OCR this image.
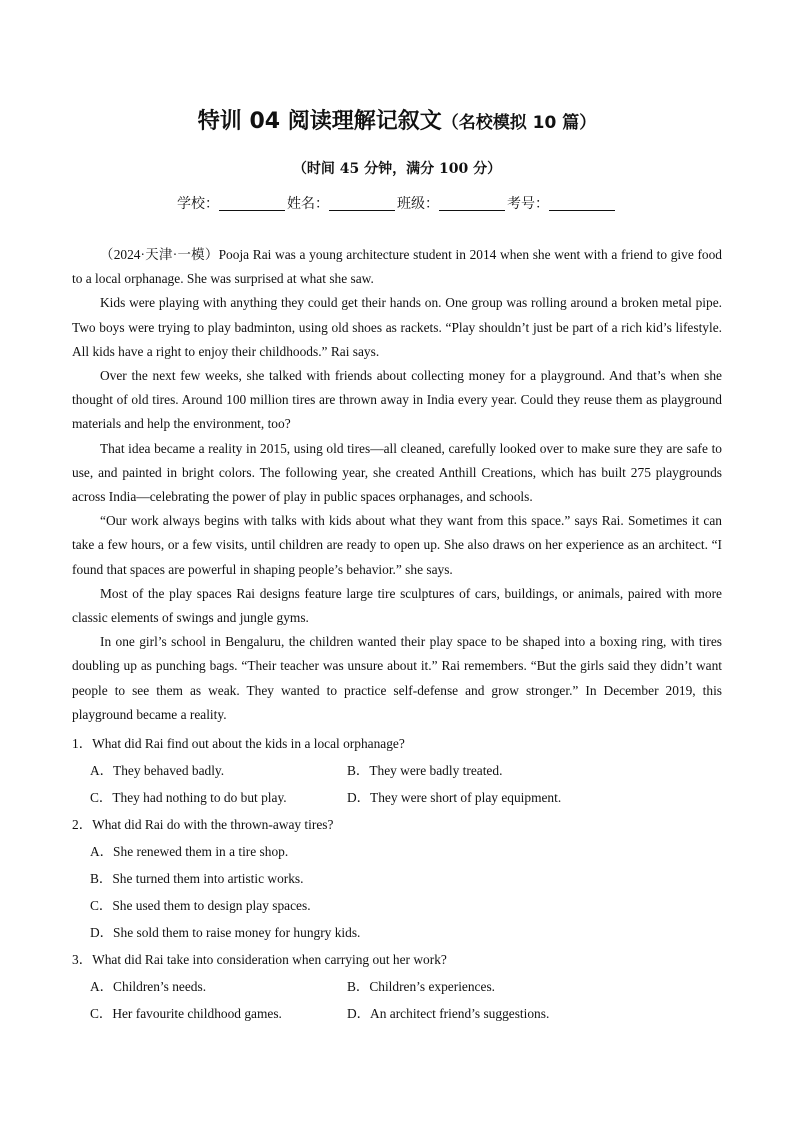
特训 04 阅读理解记叙文（名校模拟 10 篇）
（时间 45 分钟，满分 100 分）
学校：	姓名：	班级：	考号：

（2024·天津·一模）Pooja Rai was a young architecture student in 2014 when she went with a friend to give food to a local orphanage. She was surprised at what she saw.

Kids were playing with anything they could get their hands on. One group was rolling around a broken metal pipe. Two boys were trying to play badminton, using old shoes as rackets. “Play shouldn’t just be part of a rich kid’s lifestyle. All kids have a right to enjoy their childhoods.” Rai says.

Over the next few weeks, she talked with friends about collecting money for a playground. And that’s when she thought of old tires. Around 100 million tires are thrown away in India every year. Could they reuse them as playground materials and help the environment, too?

That idea became a reality in 2015, using old tires—all cleaned, carefully looked over to make sure they are safe to use, and painted in bright colors. The following year, she created Anthill Creations, which has built 275 playgrounds across India—celebrating the power of play in public spaces orphanages, and schools.

“Our work always begins with talks with kids about what they want from this space.” says Rai. Sometimes it can take a few hours, or a few visits, until children are ready to open up. She also draws on her experience as an architect. “I found that spaces are powerful in shaping people’s behavior.” she says.

Most of the play spaces Rai designs feature large tire sculptures of cars, buildings, or animals, paired with more classic elements of swings and jungle gyms.

In one girl’s school in Bengaluru, the children wanted their play space to be shaped into a boxing ring, with tires doubling up as punching bags. “Their teacher was unsure about it.” Rai remembers. “But the girls said they didn’t want people to see them as weak. They wanted to practice self-defense and grow stronger.” In December 2019, this playground became a reality.

1．What did Rai find out about the kids in a local orphanage?
A．They behaved badly.	B．They were badly treated.
C．They had nothing to do but play.	D．They were short of play equipment.
2．What did Rai do with the thrown-away tires?
A．She renewed them in a tire shop.
B．She turned them into artistic works.
C．She used them to design play spaces.
D．She sold them to raise money for hungry kids.
3．What did Rai take into consideration when carrying out her work?
A．Children’s needs.	B．Children’s experiences.
C．Her favourite childhood games.	D．An architect friend’s suggestions.
